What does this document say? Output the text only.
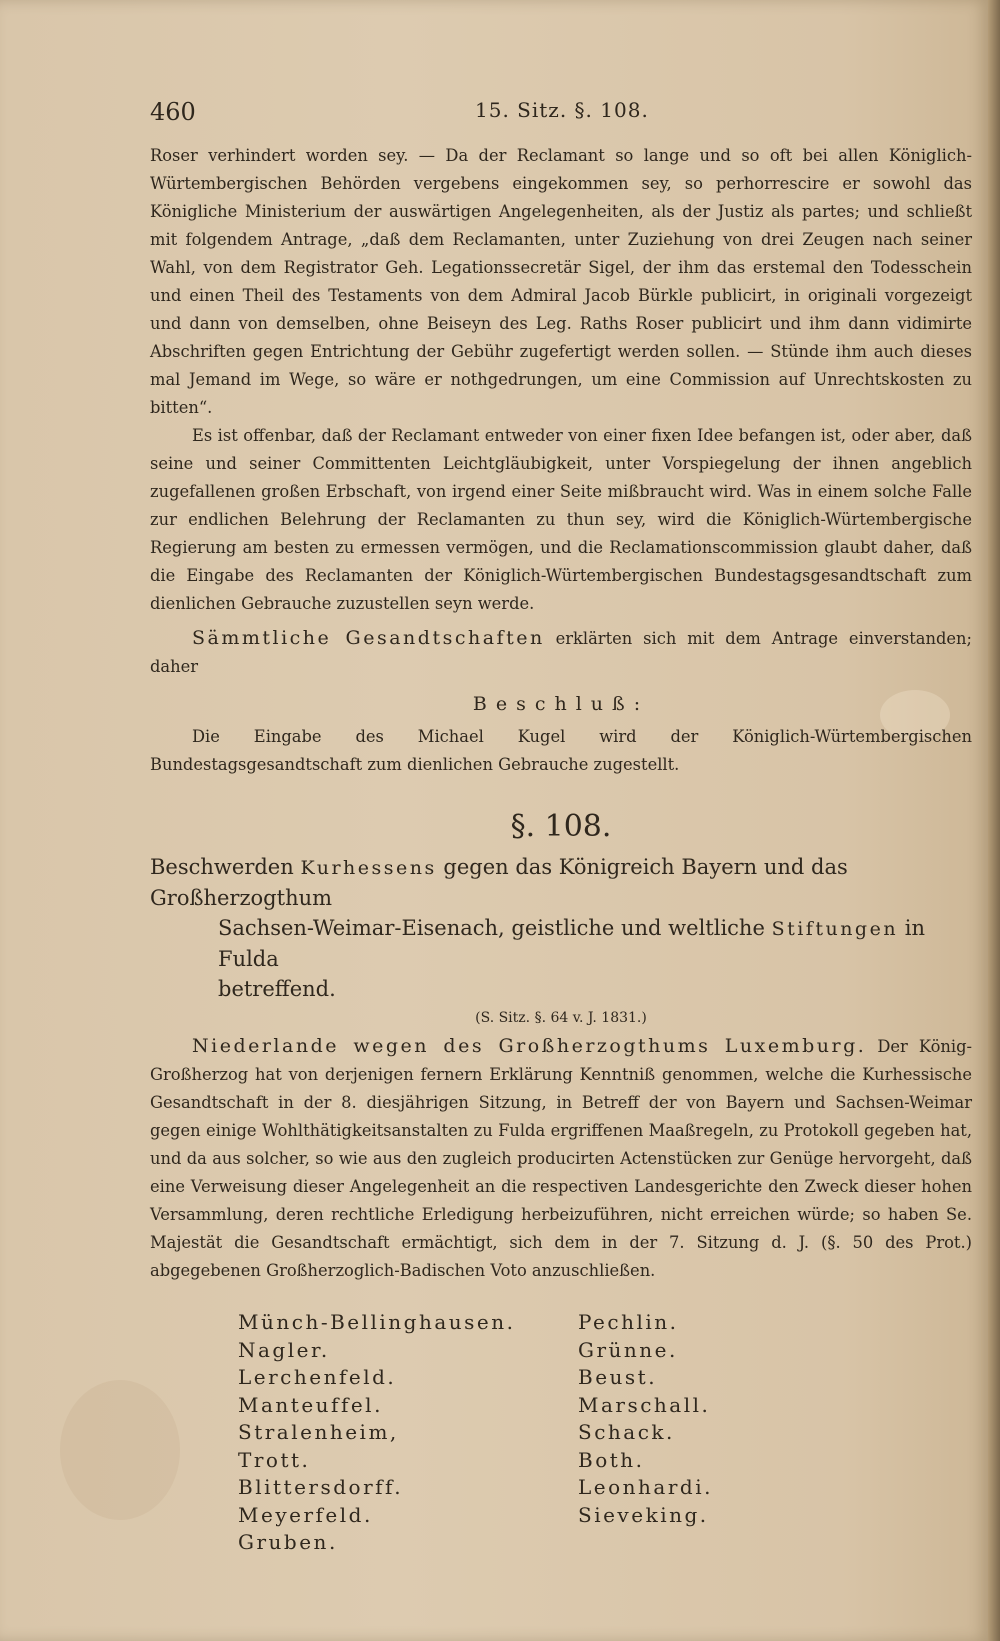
460	15. Sitz. §. 108.

Roser verhindert worden sey. — Da der Reclamant so lange und so oft bei allen Königlich-Würtembergischen Behörden vergebens eingekommen sey, so perhorrescire er sowohl das Königliche Ministerium der auswärtigen Angelegenheiten, als der Justiz als partes; und schließt mit folgendem Antrage, „daß dem Reclamanten, unter Zuziehung von drei Zeugen nach seiner Wahl, von dem Registrator Geh. Legationssecretär Sigel, der ihm das erstemal den Todesschein und einen Theil des Testaments von dem Admiral Jacob Bürkle publicirt, in originali vorgezeigt und dann von demselben, ohne Beiseyn des Leg. Raths Roser publicirt und ihm dann vidimirte Abschriften gegen Entrichtung der Gebühr zugefertigt werden sollen. — Stünde ihm auch dieses mal Jemand im Wege, so wäre er nothgedrungen, um eine Commission auf Unrechtskosten zu bitten“.

Es ist offenbar, daß der Reclamant entweder von einer fixen Idee befangen ist, oder aber, daß seine und seiner Committenten Leichtgläubigkeit, unter Vorspiegelung der ihnen angeblich zugefallenen großen Erbschaft, von irgend einer Seite mißbraucht wird. Was in einem solche Falle zur endlichen Belehrung der Reclamanten zu thun sey, wird die Königlich-Würtembergische Regierung am besten zu ermessen vermögen, und die Reclamationscommission glaubt daher, daß die Eingabe des Reclamanten der Königlich-Würtembergischen Bundestagsgesandtschaft zum dienlichen Gebrauche zuzustellen seyn werde.

Sämmtliche Gesandtschaften erklärten sich mit dem Antrage einverstanden; daher

Beschluß:

Die Eingabe des Michael Kugel wird der Königlich-Würtembergischen Bundestagsgesandtschaft zum dienlichen Gebrauche zugestellt.

§. 108.

Beschwerden Kurhessens gegen das Königreich Bayern und das Großherzogthum
Sachsen-Weimar-Eisenach, geistliche und weltliche Stiftungen in Fulda
betreffend.

(S. Sitz. §. 64 v. J. 1831.)

Niederlande wegen des Großherzogthums Luxemburg. Der König-Großherzog hat von derjenigen fernern Erklärung Kenntniß genommen, welche die Kurhessische Gesandtschaft in der 8. diesjährigen Sitzung, in Betreff der von Bayern und Sachsen-Weimar gegen einige Wohlthätigkeitsanstalten zu Fulda ergriffenen Maaßregeln, zu Protokoll gegeben hat, und da aus solcher, so wie aus den zugleich producirten Actenstücken zur Genüge hervorgeht, daß eine Verweisung dieser Angelegenheit an die respectiven Landesgerichte den Zweck dieser hohen Versammlung, deren rechtliche Erledigung herbeizuführen, nicht erreichen würde; so haben Se. Majestät die Gesandtschaft ermächtigt, sich dem in der 7. Sitzung d. J. (§. 50 des Prot.) abgegebenen Großherzoglich-Badischen Voto anzuschließen.

Münch-Bellinghausen.
Nagler.
Lerchenfeld.
Manteuffel.
Stralenheim,
Trott.
Blittersdorff.
Meyerfeld.
Gruben.
Pechlin.
Grünne.
Beust.
Marschall.
Schack.
Both.
Leonhardi.
Sieveking.
